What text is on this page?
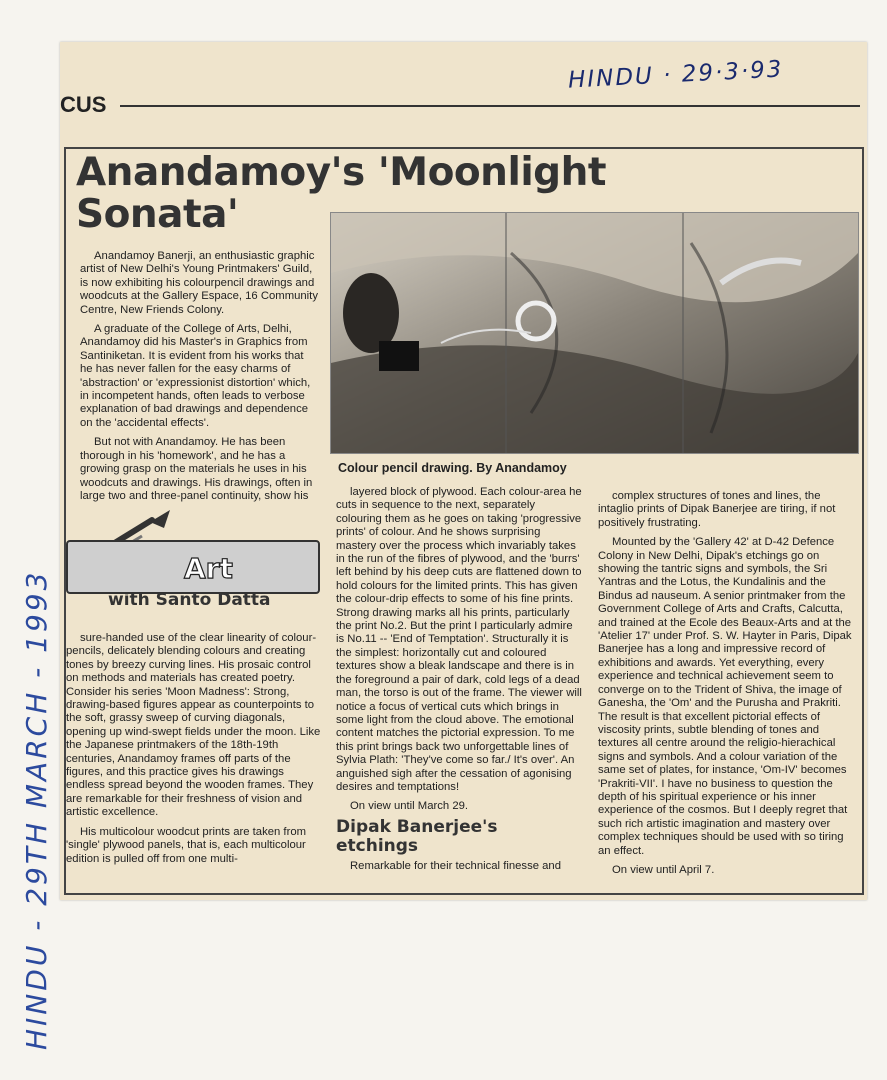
CUS
Anandamoy's 'Moonlight
Sonata'

Anandamoy Banerji, an enthusiastic graphic artist of New Delhi's Young Printmakers' Guild, is now exhibiting his colourpencil drawings and woodcuts at the Gallery Espace, 16 Community Centre, New Friends Colony.

A graduate of the College of Arts, Delhi, Anandamoy did his Master's in Graphics from Santiniketan. It is evident from his works that he has never fallen for the easy charms of 'abstraction' or 'expressionist distortion' which, in incompetent hands, often leads to verbose explanation of bad drawings and dependence on the 'accidental effects'.

But not with Anandamoy. He has been thorough in his 'homework', and he has a growing grasp on the materials he uses in his woodcuts and drawings. His drawings, often in large two and three-panel continuity, show his

Colour pencil drawing. By Anandamoy
Art
with Santo Datta

sure-handed use of the clear linearity of colour-pencils, delicately blending colours and creating tones by breezy curving lines. His prosaic control on methods and materials has created poetry. Consider his series 'Moon Madness': Strong, drawing-based figures appear as counterpoints to the soft, grassy sweep of curving diagonals, opening up wind-swept fields under the moon. Like the Japanese printmakers of the 18th-19th centuries, Anandamoy frames off parts of the figures, and this practice gives his drawings endless spread beyond the wooden frames. They are remarkable for their freshness of vision and artistic excellence.

His multicolour woodcut prints are taken from 'single' plywood panels, that is, each multicolour edition is pulled off from one multi-

layered block of plywood. Each colour-area he cuts in sequence to the next, separately colouring them as he goes on taking 'progressive prints' of colour. And he shows surprising mastery over the process which invariably takes in the run of the fibres of plywood, and the 'burrs' left behind by his deep cuts are flattened down to hold colours for the limited prints. This has given the colour-drip effects to some of his fine prints. Strong drawing marks all his prints, particularly the print No.2. But the print I particularly admire is No.11 -- 'End of Temptation'. Structurally it is the simplest: horizontally cut and coloured textures show a bleak landscape and there is in the foreground a pair of dark, cold legs of a dead man, the torso is out of the frame. The viewer will notice a focus of vertical cuts which brings in some light from the cloud above. The emotional content matches the pictorial expression. To me this print brings back two unforgettable lines of Sylvia Plath: 'They've come so far./ It's over'. An anguished sigh after the cessation of agonising desires and temptations!

On view until March 29.

Dipak Banerjee's
etchings

Remarkable for their technical finesse and

complex structures of tones and lines, the intaglio prints of Dipak Banerjee are tiring, if not positively frustrating.

Mounted by the 'Gallery 42' at D-42 Defence Colony in New Delhi, Dipak's etchings go on showing the tantric signs and symbols, the Sri Yantras and the Lotus, the Kundalinis and the Bindus ad nauseum. A senior printmaker from the Government College of Arts and Crafts, Calcutta, and trained at the Ecole des Beaux-Arts and at the 'Atelier 17' under Prof. S. W. Hayter in Paris, Dipak Banerjee has a long and impressive record of exhibitions and awards. Yet everything, every experience and technical achievement seem to converge on to the Trident of Shiva, the image of Ganesha, the 'Om' and the Purusha and Prakriti. The result is that excellent pictorial effects of viscosity prints, subtle blending of tones and textures all centre around the religio-hierachical signs and symbols. And a colour variation of the same set of plates, for instance, 'Om-IV' becomes 'Prakriti-VII'. I have no business to question the depth of his spiritual experience or his inner experience of the cosmos. But I deeply regret that such rich artistic imagination and mastery over complex techniques should be used with so tiring an effect.

On view until April 7.

HINDU · 29·3·93
HINDU - 29TH MARCH - 1993
